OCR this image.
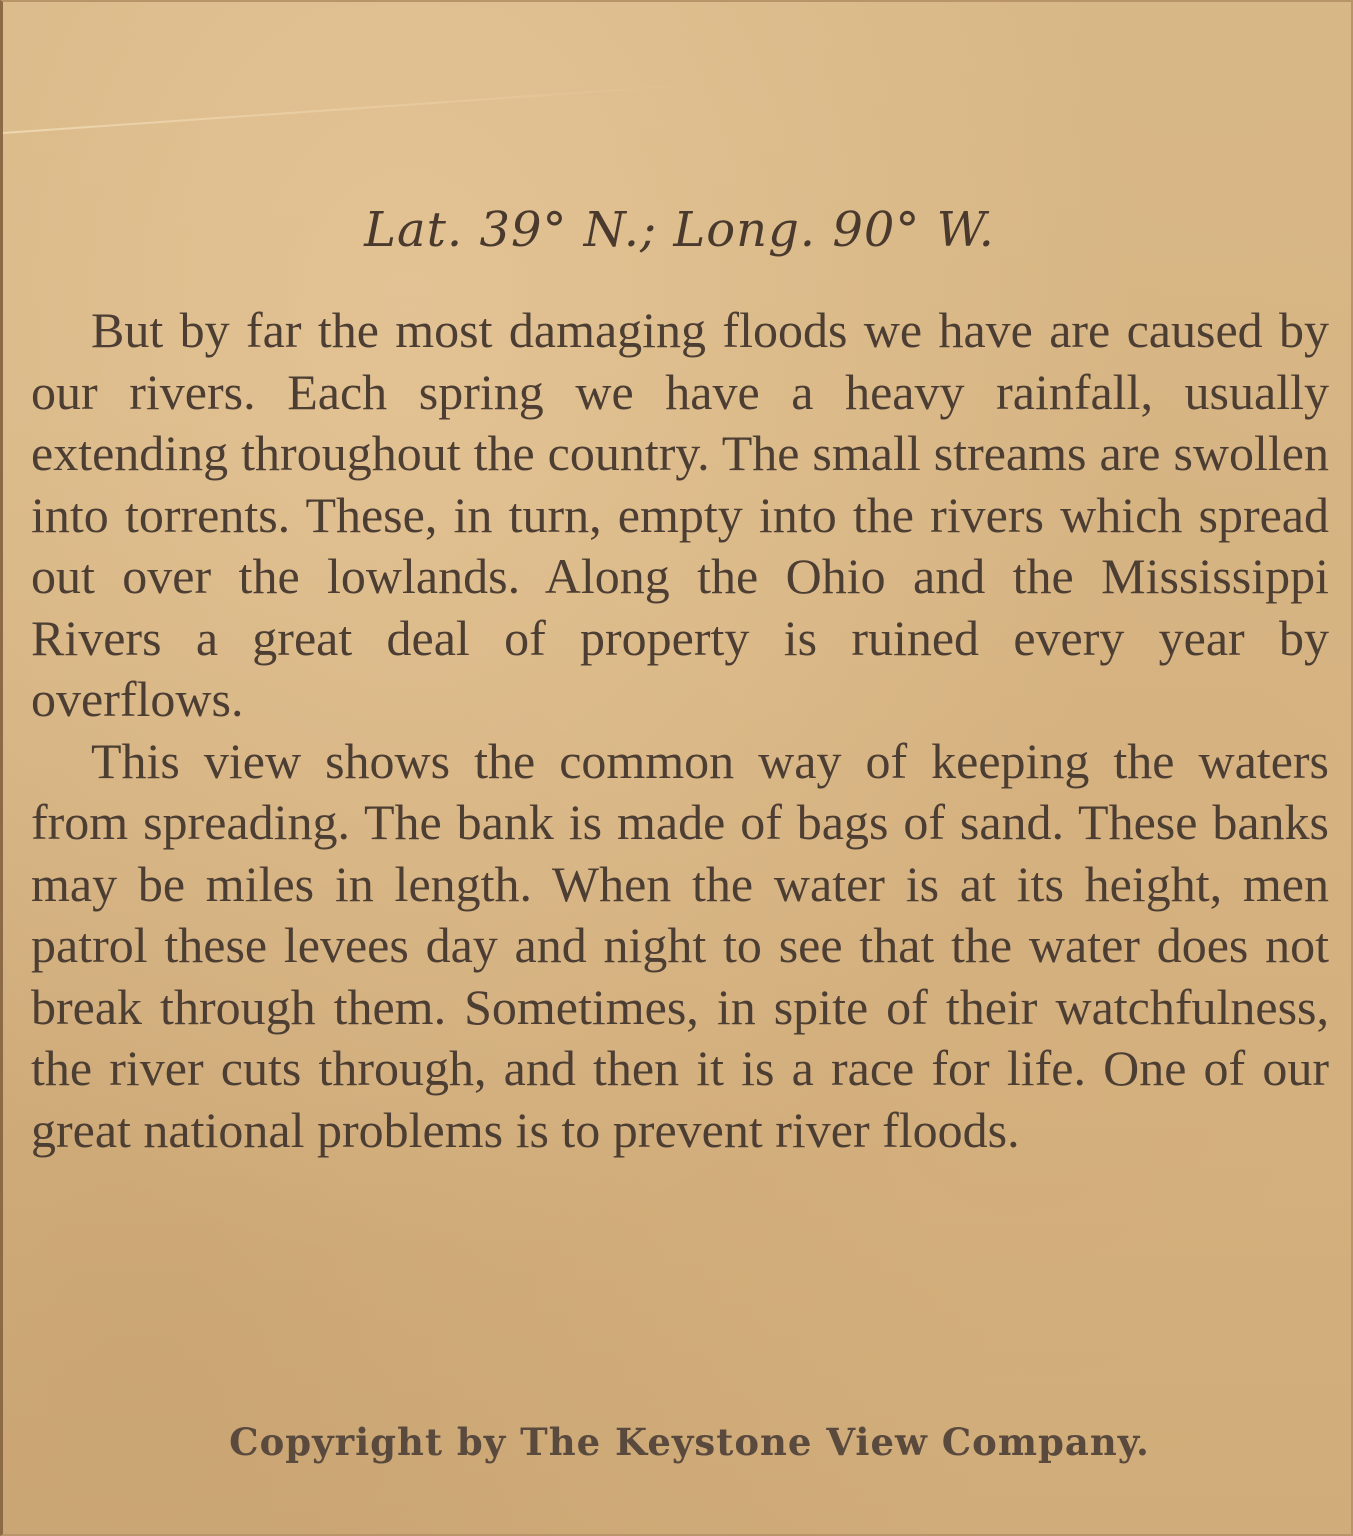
Lat. 39° N.; Long. 90° W.

But by far the most damaging floods we have are caused by our rivers. Each spring we have a heavy rainfall, usually extending throughout the country. The small streams are swollen into torrents. These, in turn, empty into the rivers which spread out over the lowlands. Along the Ohio and the Mississippi Rivers a great deal of property is ruined every year by overflows.

This view shows the common way of keeping the waters from spreading. The bank is made of bags of sand. These banks may be miles in length. When the water is at its height, men patrol these levees day and night to see that the water does not break through them. Sometimes, in spite of their watchfulness, the river cuts through, and then it is a race for life. One of our great national problems is to prevent river floods.

Copyright by The Keystone View Company.
